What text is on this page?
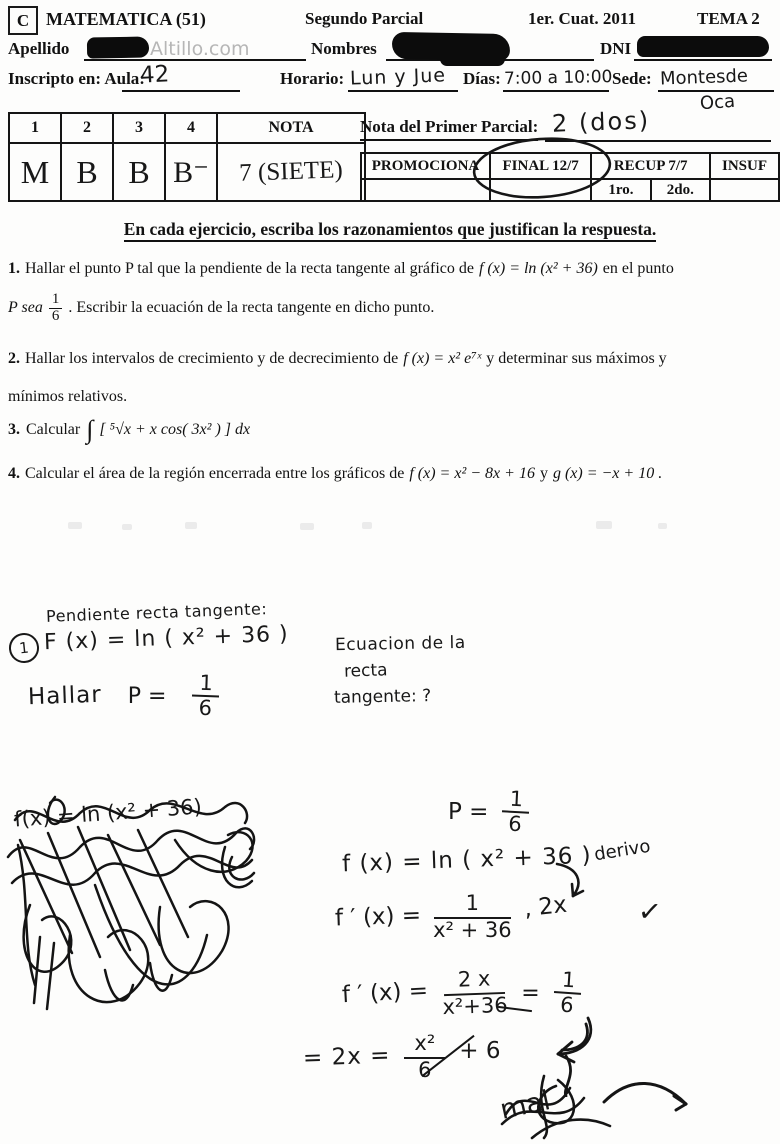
C MATEMATICA (51)	Segundo Parcial	1er. Cuat. 2011	TEMA 2
Apellido	Altillo.com	Nombres	DNI
Inscripto en: Aula:
42	Horario: Lun y Jue Días: 7:00 a 10:00 Sede: Montesde
Oca
1	2	3	4	NOTA
M	B	B	B⁻	7 (SIETE)
Nota del Primer Parcial: 2 (dos)
PROMOCIONA	FINAL 12/7	RECUP 7/7		INSUF
		1ro.	2do.	
En cada ejercicio, escriba los razonamientos que justifican la respuesta.
1. Hallar el punto P tal que la pendiente de la recta tangente al gráfico de f (x) = ln (x² + 36) en el punto
P sea $\frac{1}{6}$ . Escribir la ecuación de la recta tangente en dicho punto.
2. Hallar los intervalos de crecimiento y de decrecimiento de f (x) = x² e⁷ˣ y determinar sus máximos y
mínimos relativos.
3. Calcular ∫ [ ⁵√x + x cos( 3x² ) ] dx
4. Calcular el área de la región encerrada entre los gráficos de f (x) = x² − 8x + 16 y g (x) = −x + 10 .
Pendiente recta tangente:
1 F (x) = ln ( x² + 36 )
Hallar $P = \frac{1}{6}$
Ecuacion de la
recta
tangente: ?
f(x) = ln (x² + 36)	$P = \frac{1}{6}$
f (x) = ln ( x² + 36 ) derivo
f ′ $(x) = \frac{1}{\text{x² + 36}}$ , 2x ✓
f ′ $(x) = \frac{2 x}{\text{x²+36}} = \frac{1}{6}$
= $2x = \frac{\text{x²}}{6} + 6$
mal
